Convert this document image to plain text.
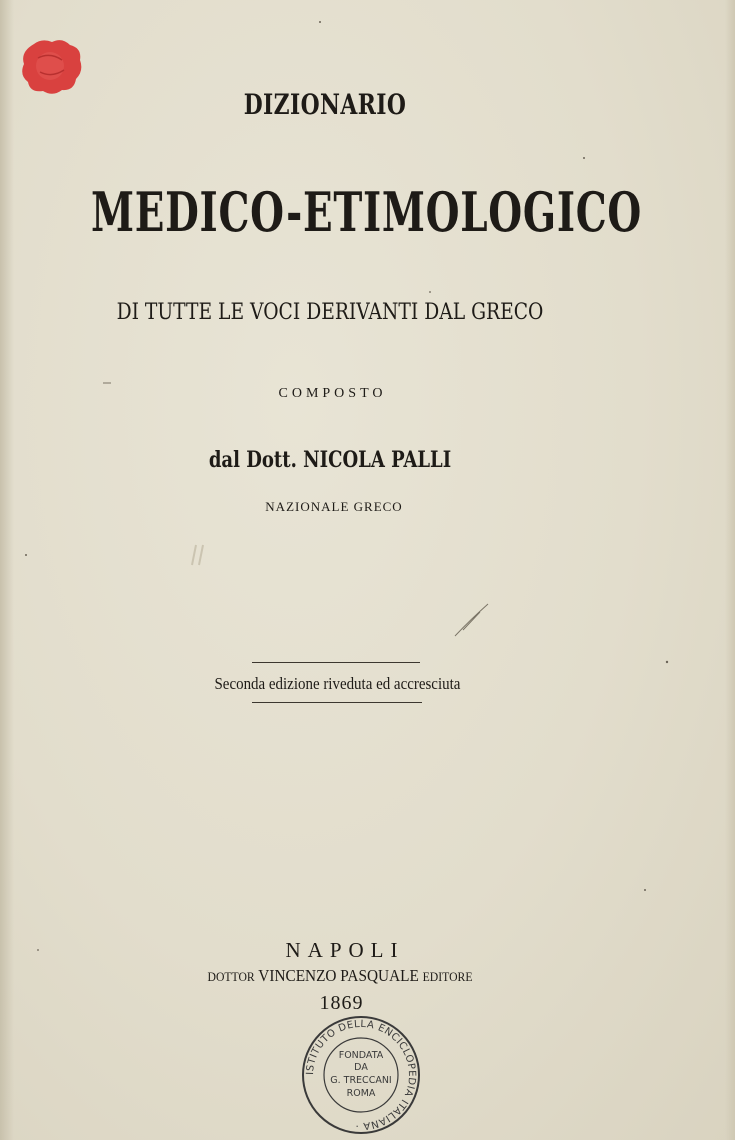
DIZIONARIO
MEDICO-ETIMOLOGICO
DI TUTTE LE VOCI DERIVANTI DAL GRECO
COMPOSTO
dal Dott. NICOLA PALLI
NAZIONALE GRECO
Seconda edizione riveduta ed accresciuta
NAPOLI
DOTTOR VINCENZO PASQUALE EDITORE
1869
ISTITUTO DELLA ENCICLOPEDIA ITALIANA ·
FONDATA
DA
G. TRECCANI
ROMA
